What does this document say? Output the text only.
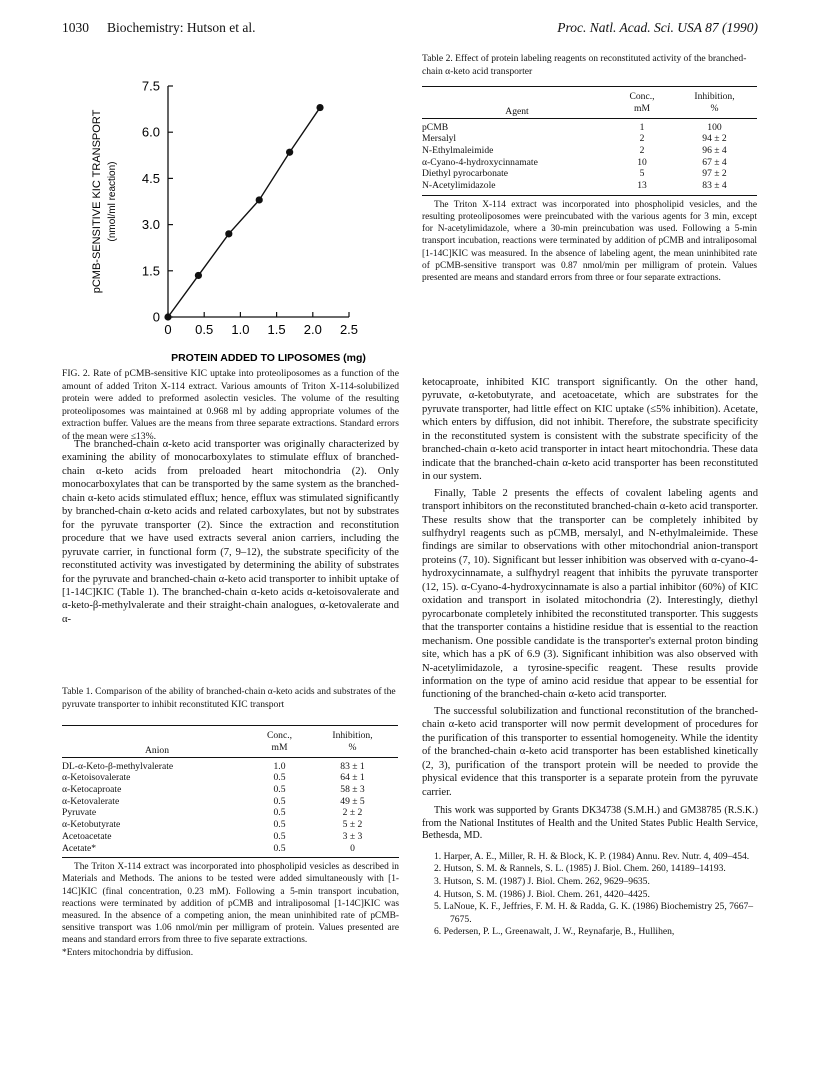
1030 Biochemistry: Hutson et al.	Proc. Natl. Acad. Sci. USA 87 (1990)
0 0.5 1.0 1.5 2.0 2.5
0
1.5
3.0
4.5
6.0
7.5
PROTEIN ADDED TO LIPOSOMES (mg)
pCMB-SENSITIVE KIC TRANSPORT (nmol/ml reaction)

FIG. 2. Rate of pCMB-sensitive KIC uptake into proteoliposomes as a function of the amount of added Triton X-114 extract. Various amounts of Triton X-114-solubilized protein were added to preformed asolectin vesicles. The volume of the resulting proteoliposomes was maintained at 0.968 ml by adding appropriate volumes of the extraction buffer. Values are the means from three separate extractions. Standard errors of the mean were ≤13%.

The branched-chain α-keto acid transporter was originally characterized by examining the ability of monocarboxylates to stimulate efflux of branched-chain α-keto acids from preloaded heart mitochondria (2). Only monocarboxylates that can be transported by the same system as the branched-chain α-keto acids stimulated efflux; hence, efflux was stimulated significantly by branched-chain α-keto acids and related carboxylates, but not by substrates for the pyruvate transporter (2). Since the extraction and reconstitution procedure that we have used extracts several anion carriers, including the pyruvate carrier, in functional form (7, 9–12), the substrate specificity of the reconstituted activity was investigated by determining the ability of substrates for the pyruvate and branched-chain α-keto acid transporter to inhibit uptake of [1-14C]KIC (Table 1). The branched-chain α-keto acids α-ketoisovalerate and α-keto-β-methylvalerate and their straight-chain analogues, α-ketovalerate and α-

Table 1. Comparison of the ability of branched-chain α-keto acids and substrates of the pyruvate transporter to inhibit reconstituted KIC transport

Anion	Conc.,	Inhibition,
	mM	%
DL-α-Keto-β-methylvalerate	1.0	83 ± 1
α-Ketoisovalerate	0.5	64 ± 1
α-Ketocaproate	0.5	58 ± 3
α-Ketovalerate	0.5	49 ± 5
Pyruvate	0.5	2 ± 2
α-Ketobutyrate	0.5	5 ± 2
Acetoacetate	0.5	3 ± 3
Acetate*	0.5	0

The Triton X-114 extract was incorporated into phospholipid vesicles as described in Materials and Methods. The anions to be tested were added simultaneously with [1-14C]KIC (final concentration, 0.23 mM). Following a 5-min transport incubation, reactions were terminated by addition of pCMB and intraliposomal [1-14C]KIC was measured. In the absence of a competing anion, the mean uninhibited rate of pCMB-sensitive transport was 1.06 nmol/min per milligram of protein. Values presented are means and standard errors from three to five separate extractions.

*Enters mitochondria by diffusion.

Table 2. Effect of protein labeling reagents on reconstituted activity of the branched-chain α-keto acid transporter

Agent	Conc.,	Inhibition,
	mM	%
pCMB	1	100
Mersalyl	2	94 ± 2
N-Ethylmaleimide	2	96 ± 4
α-Cyano-4-hydroxycinnamate	10	67 ± 4
Diethyl pyrocarbonate	5	97 ± 2
N-Acetylimidazole	13	83 ± 4

The Triton X-114 extract was incorporated into phospholipid vesicles, and the resulting proteoliposomes were preincubated with the various agents for 3 min, except for N-acetylimidazole, where a 30-min preincubation was used. Following a 5-min transport incubation, reactions were terminated by addition of pCMB and intraliposomal [1-14C]KIC was measured. In the absence of labeling agent, the mean uninhibited rate of pCMB-sensitive transport was 0.87 nmol/min per milligram of protein. Values presented are means and standard errors from three or four separate extractions.

ketocaproate, inhibited KIC transport significantly. On the other hand, pyruvate, α-ketobutyrate, and acetoacetate, which are substrates for the pyruvate transporter, had little effect on KIC uptake (≤5% inhibition). Acetate, which enters by diffusion, did not inhibit. Therefore, the substrate specificity in the reconstituted system is consistent with the substrate specificity of the branched-chain α-keto acid transporter in intact heart mitochondria. These data indicate that the branched-chain α-keto acid transporter has been reconstituted in our system.

Finally, Table 2 presents the effects of covalent labeling agents and transport inhibitors on the reconstituted branched-chain α-keto acid transporter. These results show that the transporter can be completely inhibited by sulfhydryl reagents such as pCMB, mersalyl, and N-ethylmaleimide. These findings are similar to observations with other mitochondrial anion-transport proteins (7, 10). Significant but lesser inhibition was observed with α-cyano-4-hydroxycinnamate, a sulfhydryl reagent that inhibits the pyruvate transporter (12, 15). α-Cyano-4-hydroxycinnamate is also a partial inhibitor (60%) of KIC oxidation and transport in isolated mitochondria (2). Interestingly, diethyl pyrocarbonate completely inhibited the reconstituted transporter. This suggests that the transporter contains a histidine residue that is essential to the reaction mechanism. One possible candidate is the transporter's external proton binding site, which has a pK of 6.9 (3). Significant inhibition was also observed with N-acetylimidazole, a tyrosine-specific reagent. These results provide information on the type of amino acid residue that appear to be essential for functioning of the branched-chain α-keto acid transporter.

The successful solubilization and functional reconstitution of the branched-chain α-keto acid transporter will now permit development of procedures for the purification of this transporter to essential homogeneity. While the identity of the branched-chain α-keto acid transporter has been established kinetically (2, 3), purification of the transport protein will be needed to provide the physical evidence that this transporter is a separate protein from the pyruvate carrier.

This work was supported by Grants DK34738 (S.M.H.) and GM38785 (R.S.K.) from the National Institutes of Health and the United States Public Health Service, Bethesda, MD.

1. Harper, A. E., Miller, R. H. & Block, K. P. (1984) Annu. Rev. Nutr. 4, 409–454.
2. Hutson, S. M. & Rannels, S. L. (1985) J. Biol. Chem. 260, 14189–14193.
3. Hutson, S. M. (1987) J. Biol. Chem. 262, 9629–9635.
4. Hutson, S. M. (1986) J. Biol. Chem. 261, 4420–4425.
5. LaNoue, K. F., Jeffries, F. M. H. & Radda, G. K. (1986) Biochemistry 25, 7667–7675.
6. Pedersen, P. L., Greenawalt, J. W., Reynafarje, B., Hullihen,
